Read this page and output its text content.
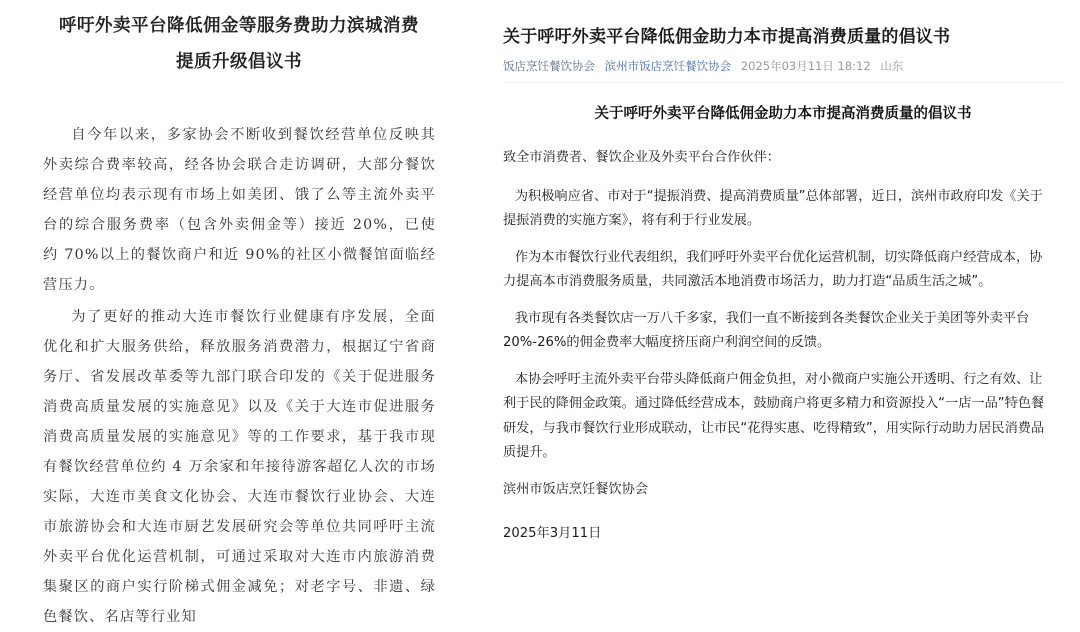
呼吁外卖平台降低佣金等服务费助力滨城消费
提质升级倡议书

自今年以来，多家协会不断收到餐饮经营单位反映其外卖综合费率较高，经各协会联合走访调研，大部分餐饮经营单位均表示现有市场上如美团、饿了么等主流外卖平台的综合服务费率（包含外卖佣金等）接近 20%，已使约 70%以上的餐饮商户和近 90%的社区小微餐馆面临经营压力。

为了更好的推动大连市餐饮行业健康有序发展，全面优化和扩大服务供给，释放服务消费潜力，根据辽宁省商务厅、省发展改革委等九部门联合印发的《关于促进服务消费高质量发展的实施意见》以及《关于大连市促进服务消费高质量发展的实施意见》等的工作要求，基于我市现有餐饮经营单位约 4 万余家和年接待游客超亿人次的市场实际，大连市美食文化协会、大连市餐饮行业协会、大连市旅游协会和大连市厨艺发展研究会等单位共同呼吁主流外卖平台优化运营机制，可通过采取对大连市内旅游消费集聚区的商户实行阶梯式佣金减免；对老字号、非遗、绿色餐饮、名店等行业知

关于呼吁外卖平台降低佣金助力本市提高消费质量的倡议书
饭店烹饪餐饮协会 滨州市饭店烹饪餐饮协会 2025年03月11日 18:12 山东
关于呼吁外卖平台降低佣金助力本市提高消费质量的倡议书

致全市消费者、餐饮企业及外卖平台合作伙伴：

为积极响应省、市对于“提振消费、提高消费质量”总体部署，近日，滨州市政府印发《关于提振消费的实施方案》，将有利于行业发展。

作为本市餐饮行业代表组织，我们呼吁外卖平台优化运营机制，切实降低商户经营成本，协力提高本市消费服务质量，共同激活本地消费市场活力，助力打造“品质生活之城”。

我市现有各类餐饮店一万八千多家，我们一直不断接到各类餐饮企业关于美团等外卖平台20%-26%的佣金费率大幅度挤压商户利润空间的反馈。

本协会呼吁主流外卖平台带头降低商户佣金负担，对小微商户实施公开透明、行之有效、让利于民的降佣金政策。通过降低经营成本，鼓励商户将更多精力和资源投入“一店一品”特色餐研发，与我市餐饮行业形成联动，让市民“花得实惠、吃得精致”，用实际行动助力居民消费品质提升。

滨州市饭店烹饪餐饮协会

2025年3月11日
